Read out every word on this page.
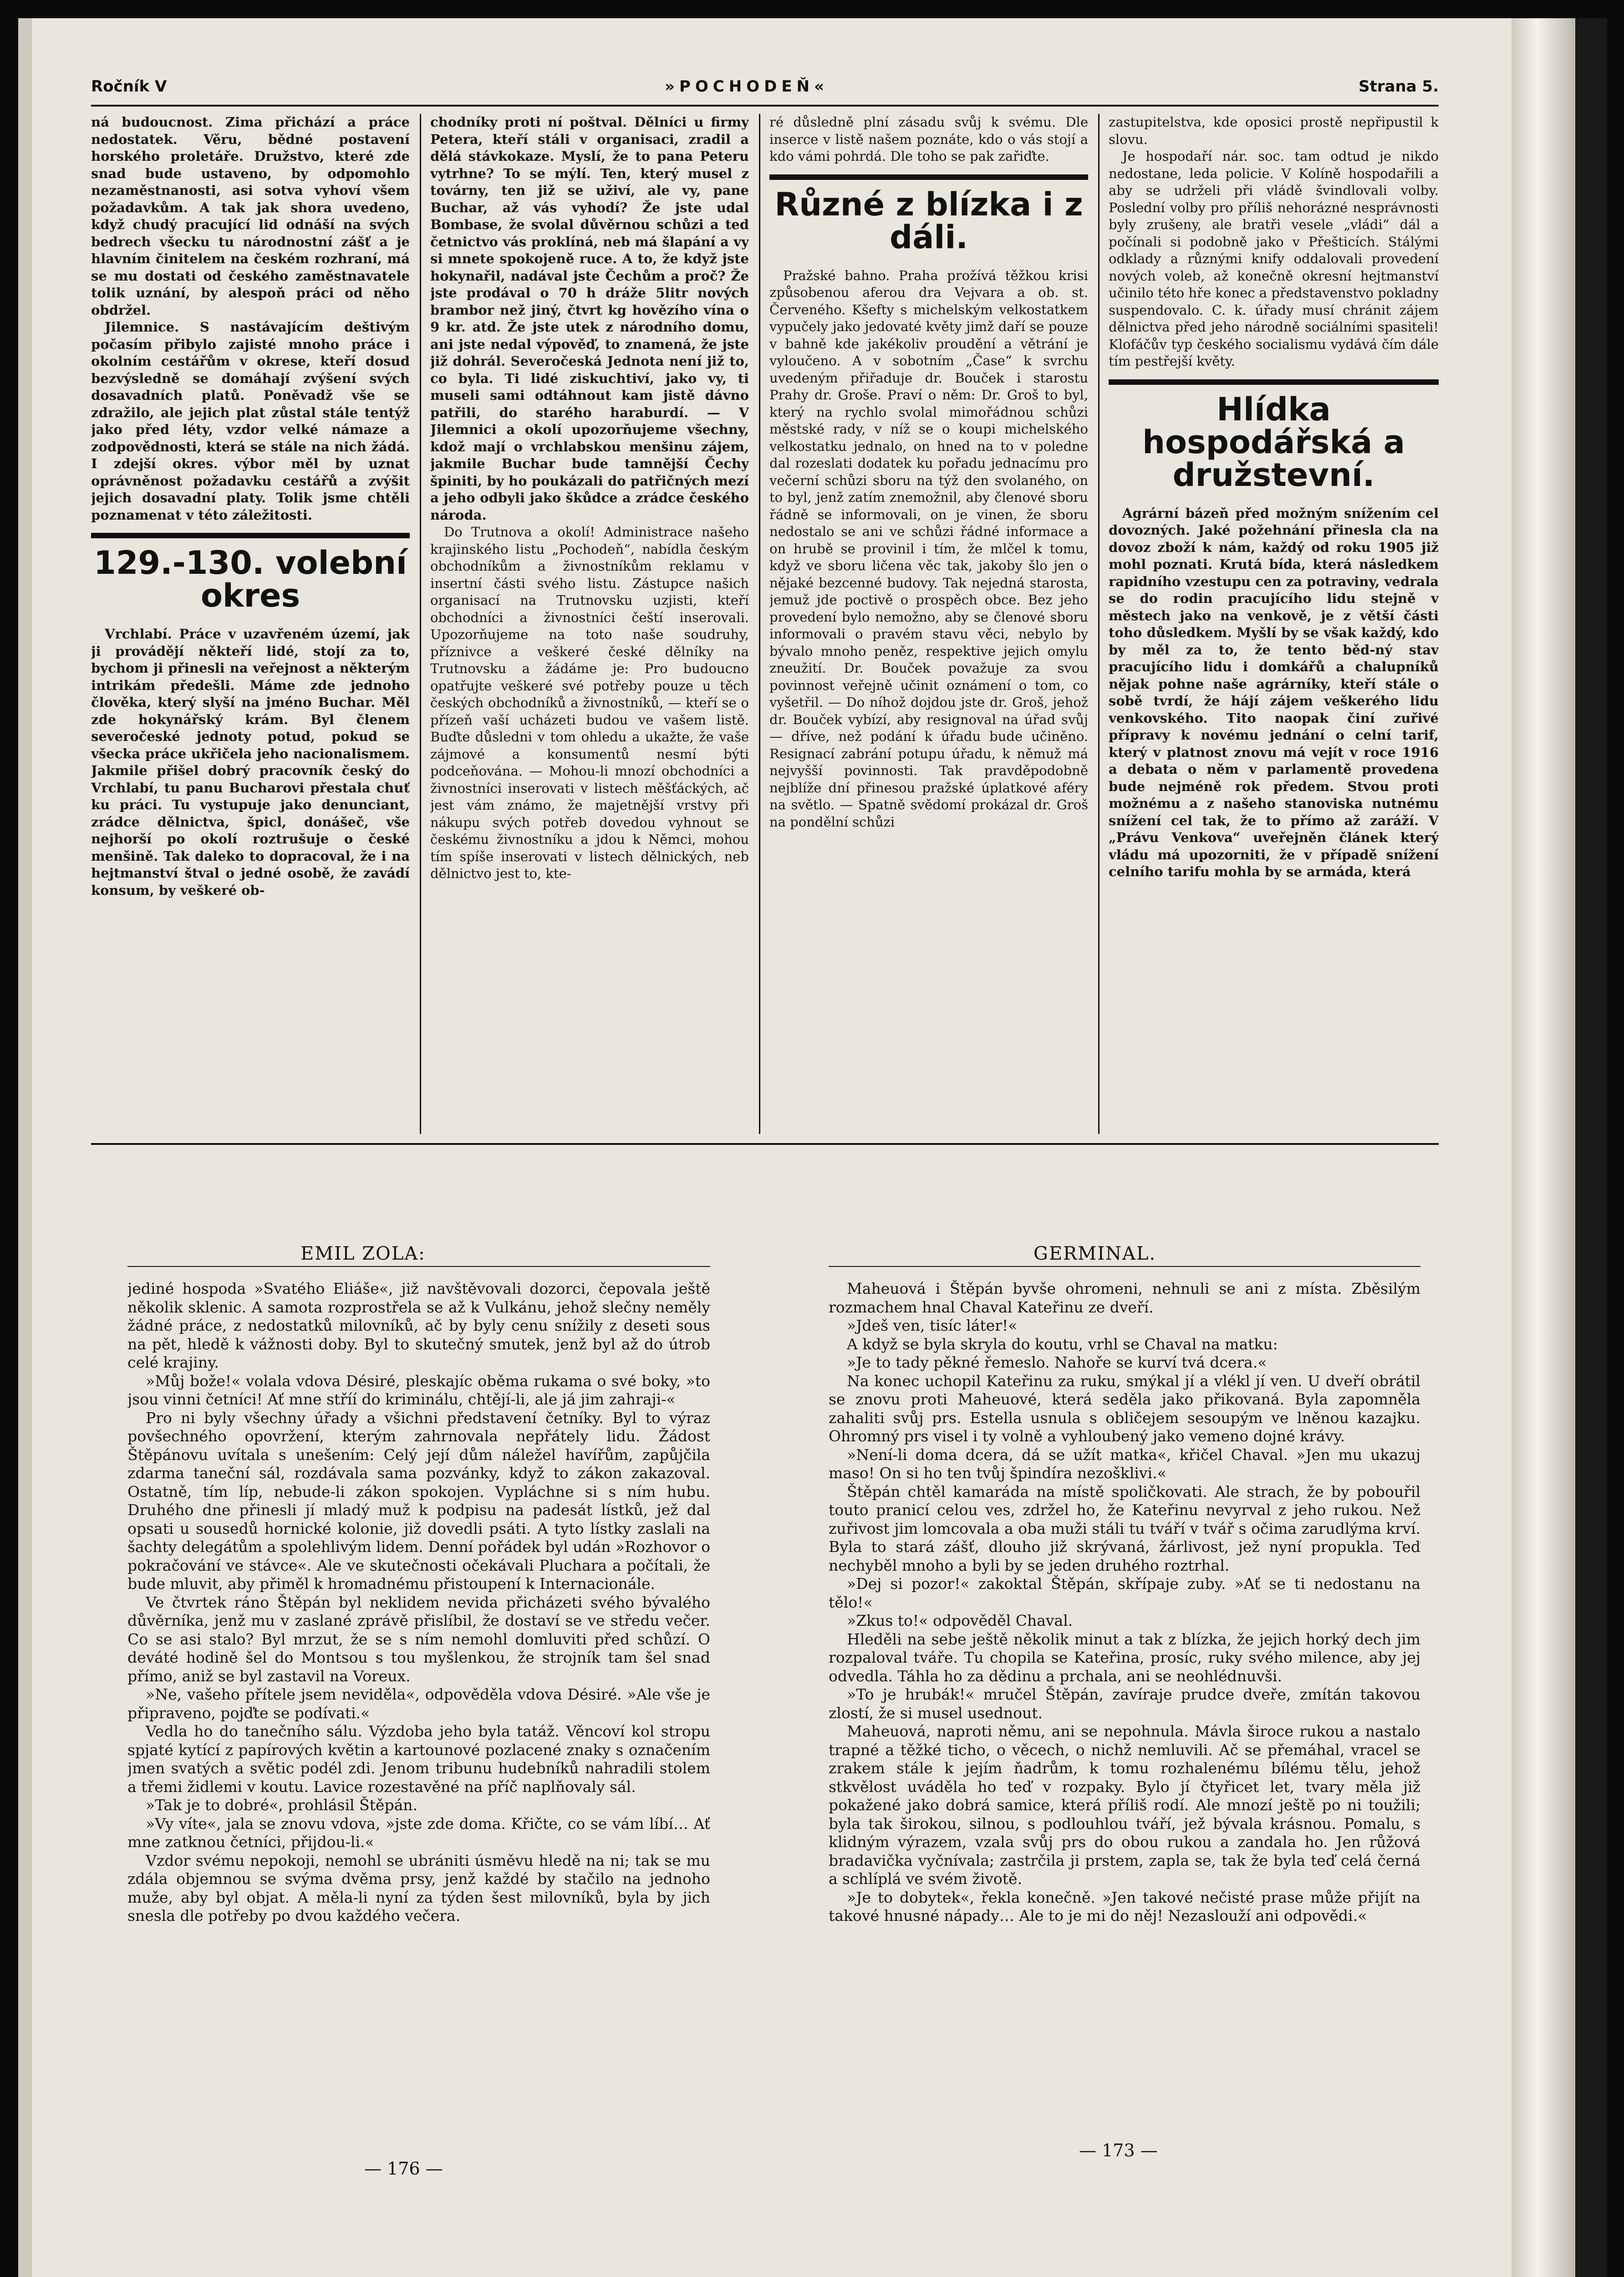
Ročník V	»POCHODEŇ«	Strana 5.

ná budoucnost. Zima přichází a práce nedostatek. Věru, bědné postavení horského proletáře. Družstvo, které zde snad bude ustaveno, by odpomohlo nezaměstnanosti, asi sotva vyhoví všem požadavkům. A tak jak shora uvedeno, když chudý pracující lid odnáší na svých bedrech všecku tu národnostní zášť a je hlavním činitelem na českém rozhraní, má se mu dostati od českého zaměstnavatele tolik uznání, by alespoň práci od něho obdržel.

Jilemnice. S nastávajícím deštivým počasím přibylo zajisté mnoho práce i okolním cestářům v okrese, kteří dosud bezvýsledně se domáhají zvýšení svých dosavadních platů. Poněvadž vše se zdražilo, ale jejich plat zůstal stále tentýž jako před léty, vzdor velké námaze a zodpovědnosti, která se stále na nich žádá. I zdejší okres. výbor měl by uznat oprávněnost požadavku cestářů a zvýšit jejich dosavadní platy. Tolik jsme chtěli poznamenat v této záležitosti.

129.-130. volební okres

Vrchlabí. Práce v uzavřeném území, jak ji provádějí někteří lidé, stojí za to, bychom ji přinesli na veřejnost a některým intrikám předešli. Máme zde jednoho člověka, který slyší na jméno Buchar. Měl zde hokynářský krám. Byl členem severočeské jednoty potud, pokud se všecka práce ukřičela jeho nacionalismem. Jakmile přišel dobrý pracovník český do Vrchlabí, tu panu Bucharovi přestala chuť ku práci. Tu vystupuje jako denunciant, zrádce dělnictva, špicl, donášeč, vše nejhorší po okolí roztrušuje o české menšině. Tak daleko to dopracoval, že i na hejtmanství štval o jedné osobě, že zavádí konsum, by veškeré ob-

chodníky proti ní poštval. Dělníci u firmy Petera, kteří stáli v organisaci, zradil a dělá stávkokaze. Myslí, že to pana Peteru vytrhne? To se mýlí. Ten, který musel z továrny, ten již se uživí, ale vy, pane Buchar, až vás vyhodí? Že jste udal Bombase, že svolal důvěrnou schůzi a teď četnictvo vás proklíná, neb má šlapání a vy si mnete spokojeně ruce. A to, že když jste hokynařil, nadával jste Čechům a proč? Že jste prodával o 70 h dráže 5litr nových brambor než jiný, čtvrt kg hovězího vína o 9 kr. atd. Že jste utek z národního domu, ani jste nedal výpověď, to znamená, že jste již dohrál. Severočeská Jednota není již to, co byla. Ti lidé ziskuchtiví, jako vy, ti museli sami odtáhnout kam jistě dávno patřili, do starého haraburdí. — V Jilemnici a okolí upozorňujeme všechny, kdož mají o vrchlabskou menšinu zájem, jakmile Buchar bude tamnější Čechy špiniti, by ho poukázali do patřičných mezí a jeho odbyli jako škůdce a zrádce českého národa.

Do Trutnova a okolí! Administrace našeho krajinského listu „Pochodeň“, nabídla českým obchodníkům a živnostníkům reklamu v insertní části svého listu. Zástupce našich organisací na Trutnovsku uzjisti, kteří obchodníci a živnostníci čeští inserovali. Upozorňujeme na toto naše soudruhy, příznivce a veškeré české dělníky na Trutnovsku a žádáme je: Pro budoucno opatřujte veškeré své potřeby pouze u těch českých obchodníků a živnostníků, — kteří se o přízeň vaší ucházeti budou ve vašem listě. Buďte důsledni v tom ohledu a ukažte, že vaše zájmové a konsumentů nesmí býti podceňována. — Mohou-li mnozí obchodníci a živnostníci inserovati v listech měšťáckých, ač jest vám známo, že majetnější vrstvy při nákupu svých potřeb dovedou vyhnout se českému živnostníku a jdou k Němci, mohou tím spíše inserovati v listech dělnických, neb dělnictvo jest to, kte-

ré důsledně plní zásadu svůj k svému. Dle inserce v listě našem poznáte, kdo o vás stojí a kdo vámi pohrdá. Dle toho se pak zařiďte.

Různé z blízka i z dáli.

Pražské bahno. Praha prožívá těžkou krisi způsobenou aferou dra Vejvara a ob. st. Červeného. Kšefty s michelským velkostatkem vypučely jako jedovaté květy jimž daří se pouze v bahně kde jakékoliv proudění a větrání je vyloučeno. A v sobotním „Čase“ k svrchu uvedeným přiřaduje dr. Bouček i starostu Prahy dr. Groše. Praví o něm: Dr. Groš to byl, který na rychlo svolal mimořádnou schůzi městské rady, v níž se o koupi michelského velkostatku jednalo, on hned na to v poledne dal rozeslati dodatek ku pořadu jednacímu pro večerní schůzi sboru na týž den svolaného, on to byl, jenž zatím znemožnil, aby členové sboru řádně se informovali, on je vinen, že sboru nedostalo se ani ve schůzi řádné informace a on hrubě se provinil i tím, že mlčel k tomu, když ve sboru ličena věc tak, jakoby šlo jen o nějaké bezcenné budovy. Tak nejedná starosta, jemuž jde poctivě o prospěch obce. Bez jeho provedení bylo nemožno, aby se členové sboru informovali o pravém stavu věci, nebylo by bývalo mnoho peněz, respektive jejich omylu zneužití. Dr. Bouček považuje za svou povinnost veřejně učinit oznámení o tom, co vyšetřil. — Do níhož dojdou jste dr. Groš, jehož dr. Bouček vybízí, aby resignoval na úřad svůj — dříve, než podání k úřadu bude učiněno. Resignací zabrání potupu úřadu, k němuž má nejvyšší povinnosti. Tak pravděpodobně nejblíže dní přinesou pražské úplatkové aféry na světlo. — Spatně svědomí prokázal dr. Groš na pondělní schůzi

zastupitelstva, kde oposici prostě nepřipustil k slovu.

Je hospodaří nár. soc. tam odtud je nikdo nedostane, leda policie. V Kolíně hospodařili a aby se udrželi při vládě švindlovali volby. Poslední volby pro příliš nehorázné nesprávnosti byly zrušeny, ale bratři vesele „vládi“ dál a počínali si podobně jako v Přešticích. Stálými odklady a různými knify oddalovali provedení nových voleb, až konečně okresní hejtmanství učinilo této hře konec a představenstvo pokladny suspendovalo. C. k. úřady musí chránit zájem dělnictva před jeho národně sociálními spasiteli! Klofáčův typ českého socialismu vydává čím dále tím pestřejší květy.

Hlídka hospodářská a družstevní.

Agrární bázeň před možným snížením cel dovozných. Jaké požehnání přinesla cla na dovoz zboží k nám, každý od roku 1905 již mohl poznati. Krutá bída, která následkem rapidního vzestupu cen za potraviny, vedrala se do rodin pracujícího lidu stejně v městech jako na venkově, je z větší části toho důsledkem. Myšlí by se však každý, kdo by měl za to, že tento běd-ný stav pracujícího lidu i domkářů a chalupníků nějak pohne naše agrárníky, kteří stále o sobě tvrdí, že hájí zájem veškerého lidu venkovského. Tito naopak činí zuřivé přípravy k novému jednání o celní tarif, který v platnost znovu má vejít v roce 1916 a debata o něm v parlamentě provedena bude nejméně rok předem. Stvou proti možnému a z našeho stanoviska nutnému snížení cel tak, že to přímo až zaráží. V „Právu Venkova“ uveřejněn článek který vládu má upozorniti, že v případě snížení celního tarifu mohla by se armáda, která

EMIL ZOLA:	GERMINAL.

jediné hospoda »Svatého Eliáše«, již navštěvovali dozorci, čepovala ještě několik sklenic. A samota rozprostřela se až k Vulkánu, jehož slečny neměly žádné práce, z nedostatků milovníků, ač by byly cenu snížily z deseti sous na pět, hledě k vážnosti doby. Byl to skutečný smutek, jenž byl až do útrob celé krajiny.

»Můj bože!« volala vdova Désiré, pleskajíc oběma rukama o své boky, »to jsou vinni četníci! Ať mne stříí do kriminálu, chtějí-li, ale já jim zahraji-«

Pro ni byly všechny úřady a všichni představení četníky. Byl to výraz povšechného opovržení, kterým zahrnovala nepřátely lidu. Žádost Štěpánovu uvítala s unešením: Celý její dům náležel havířům, zapůjčila zdarma taneční sál, rozdávala sama pozvánky, když to zákon zakazoval. Ostatně, tím líp, nebude-li zákon spokojen. Vypláchne si s ním hubu. Druhého dne přinesli jí mladý muž k podpisu na padesát lístků, jež dal opsati u sousedů hornické kolonie, již dovedli psáti. A tyto lístky zaslali na šachty delegátům a spolehlivým lidem. Denní pořádek byl udán »Rozhovor o pokračování ve stávce«. Ale ve skutečnosti očekávali Pluchara a počítali, že bude mluvit, aby přiměl k hromadnému přistoupení k Internacionále.

Ve čtvrtek ráno Štěpán byl neklidem nevida přicházeti svého bývalého důvěrníka, jenž mu v zaslané zprávě přislíbil, že dostaví se ve středu večer. Co se asi stalo? Byl mrzut, že se s ním nemohl domluviti před schůzí. O deváté hodině šel do Montsou s tou myšlenkou, že strojník tam šel snad přímo, aniž se byl zastavil na Voreux.

»Ne, vašeho přítele jsem neviděla«, odpověděla vdova Désiré. »Ale vše je připraveno, pojďte se podívati.«

Vedla ho do tanečního sálu. Výzdoba jeho byla tatáž. Věncoví kol stropu spjaté kytící z papírových květin a kartounové pozlacené znaky s označením jmen svatých a světic podél zdi. Jenom tribunu hudebníků nahradili stolem a třemi židlemi v koutu. Lavice rozestavěné na příč naplňovaly sál.

»Tak je to dobré«, prohlásil Štěpán.

»Vy víte«, jala se znovu vdova, »jste zde doma. Křičte, co se vám líbí… Ať mne zatknou četníci, přijdou-li.«

Vzdor svému nepokoji, nemohl se ubrániti úsměvu hledě na ni; tak se mu zdála objemnou se svýma dvěma prsy, jenž každé by stačilo na jednoho muže, aby byl objat. A měla-li nyní za týden šest milovníků, byla by jich snesla dle potřeby po dvou každého večera.

Maheuová i Štěpán byvše ohromeni, nehnuli se ani z místa. Zběsilým rozmachem hnal Chaval Kateřinu ze dveří.

»Jdeš ven, tisíc láter!«

A když se byla skryla do koutu, vrhl se Chaval na matku:

»Je to tady pěkné řemeslo. Nahoře se kurví tvá dcera.«

Na konec uchopil Kateřinu za ruku, smýkal jí a vlékl jí ven. U dveří obrátil se znovu proti Maheuové, která seděla jako přikovaná. Byla zapomněla zahaliti svůj prs. Estella usnula s obličejem sesoupým ve lněnou kazajku. Ohromný prs visel i ty volně a vyhloubený jako vemeno dojné krávy.

»Není-li doma dcera, dá se užít matka«, křičel Chaval. »Jen mu ukazuj maso! On si ho ten tvůj špindíra nezošklivi.«

Štěpán chtěl kamaráda na místě spoličkovati. Ale strach, že by pobouřil touto pranicí celou ves, zdržel ho, že Kateřinu nevyrval z jeho rukou. Než zuřivost jim lomcovala a oba muži stáli tu tváří v tvář s očima zarudlýma krví. Byla to stará zášť, dlouho již skrývaná, žárlivost, jež nyní propukla. Teď nechyběl mnoho a byli by se jeden druhého roztrhal.

»Dej si pozor!« zakoktal Štěpán, skřípaje zuby. »Ať se ti nedostanu na tělo!«

»Zkus to!« odpověděl Chaval.

Hleděli na sebe ještě několik minut a tak z blízka, že jejich horký dech jim rozpaloval tváře. Tu chopila se Kateřina, prosíc, ruky svého milence, aby jej odvedla. Táhla ho za dědinu a prchala, ani se neohlédnuvši.

»To je hrubák!« mručel Štěpán, zavíraje prudce dveře, zmítán takovou zlostí, že si musel usednout.

Maheuová, naproti němu, ani se nepohnula. Mávla široce rukou a nastalo trapné a těžké ticho, o věcech, o nichž nemluvili. Ač se přemáhal, vracel se zrakem stále k jejím ňadrům, k tomu rozhalenému bílému tělu, jehož stkvělost uváděla ho teď v rozpaky. Bylo jí čtyřicet let, tvary měla již pokažené jako dobrá samice, která příliš rodí. Ale mnozí ještě po ni toužili; byla tak širokou, silnou, s podlouhlou tváří, jež bývala krásnou. Pomalu, s klidným výrazem, vzala svůj prs do obou rukou a zandala ho. Jen růžová bradavička vyčnívala; zastrčila ji prstem, zapla se, tak že byla teď celá černá a schlíplá ve svém životě.

»Je to dobytek«, řekla konečně. »Jen takové nečisté prase může přijít na takové hnusné nápady… Ale to je mi do něj! Nezaslouží ani odpovědi.«

— 176 —
— 173 —
